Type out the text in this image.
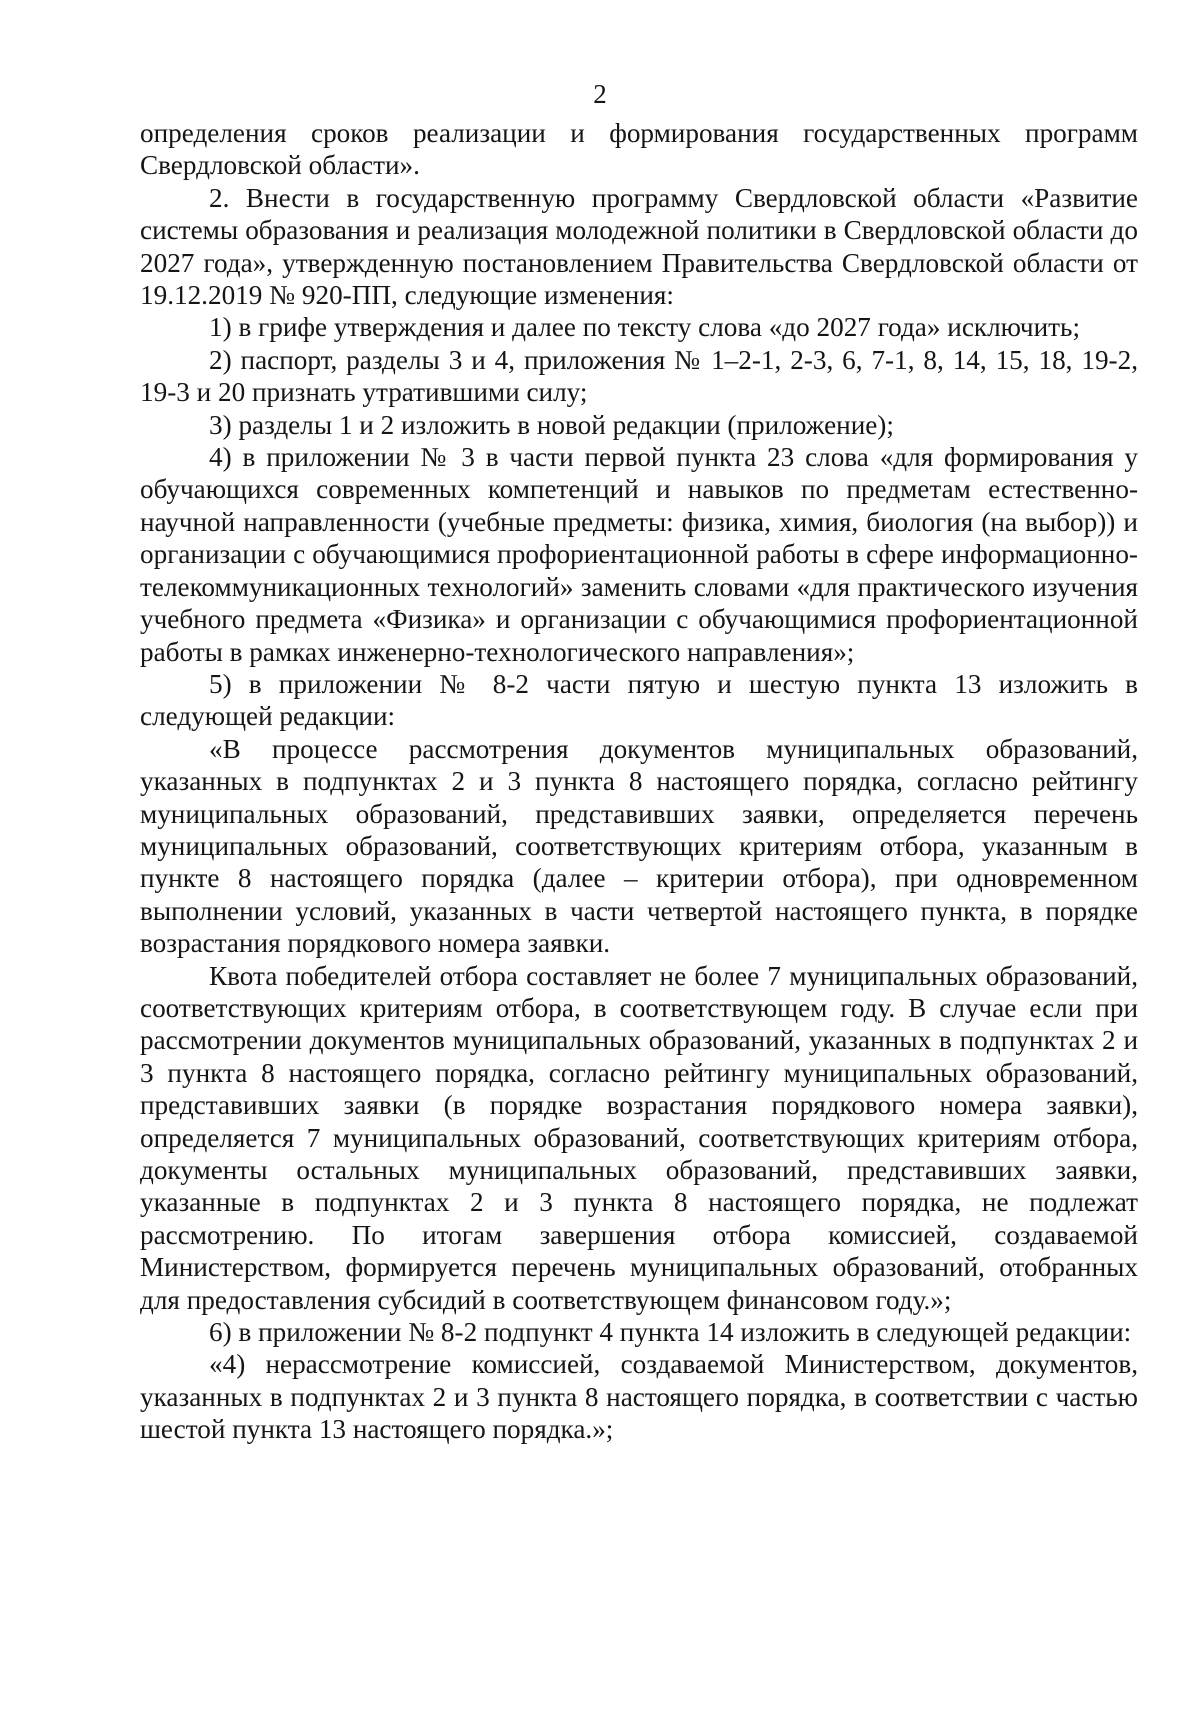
2

определения сроков реализации и формирования государственных программ Свердловской области».

2. Внести в государственную программу Свердловской области «Развитие системы образования и реализация молодежной политики в Свердловской области до 2027 года», утвержденную постановлением Правительства Свердловской области от 19.12.2019 № 920-ПП, следующие изменения:

1) в грифе утверждения и далее по тексту слова «до 2027 года» исключить;

2) паспорт, разделы 3 и 4, приложения № 1–2-1, 2-3, 6, 7-1, 8, 14, 15, 18, 19-2, 19-3 и 20 признать утратившими силу;

3) разделы 1 и 2 изложить в новой редакции (приложение);

4) в приложении № 3 в части первой пункта 23 слова «для формирования у обучающихся современных компетенций и навыков по предметам естественно-научной направленности (учебные предметы: физика, химия, биология (на выбор)) и организации с обучающимися профориентационной работы в сфере информационно-телекоммуникационных технологий» заменить словами «для практического изучения учебного предмета «Физика» и организации с обучающимися профориентационной работы в рамках инженерно-технологического направления»;

5) в приложении № 8-2 части пятую и шестую пункта 13 изложить в следующей редакции:

«В процессе рассмотрения документов муниципальных образований, указанных в подпунктах 2 и 3 пункта 8 настоящего порядка, согласно рейтингу муниципальных образований, представивших заявки, определяется перечень муниципальных образований, соответствующих критериям отбора, указанным в пункте 8 настоящего порядка (далее – критерии отбора), при одновременном выполнении условий, указанных в части четвертой настоящего пункта, в порядке возрастания порядкового номера заявки.

Квота победителей отбора составляет не более 7 муниципальных образований, соответствующих критериям отбора, в соответствующем году. В случае если при рассмотрении документов муниципальных образований, указанных в подпунктах 2 и 3 пункта 8 настоящего порядка, согласно рейтингу муниципальных образований, представивших заявки (в порядке возрастания порядкового номера заявки), определяется 7 муниципальных образований, соответствующих критериям отбора, документы остальных муниципальных образований, представивших заявки, указанные в подпунктах 2 и 3 пункта 8 настоящего порядка, не подлежат рассмотрению. По итогам завершения отбора комиссией, создаваемой Министерством, формируется перечень муниципальных образований, отобранных для предоставления субсидий в соответствующем финансовом году.»;

6) в приложении № 8-2 подпункт 4 пункта 14 изложить в следующей редакции:

«4) нерассмотрение комиссией, создаваемой Министерством, документов, указанных в подпунктах 2 и 3 пункта 8 настоящего порядка, в соответствии с частью шестой пункта 13 настоящего порядка.»;
